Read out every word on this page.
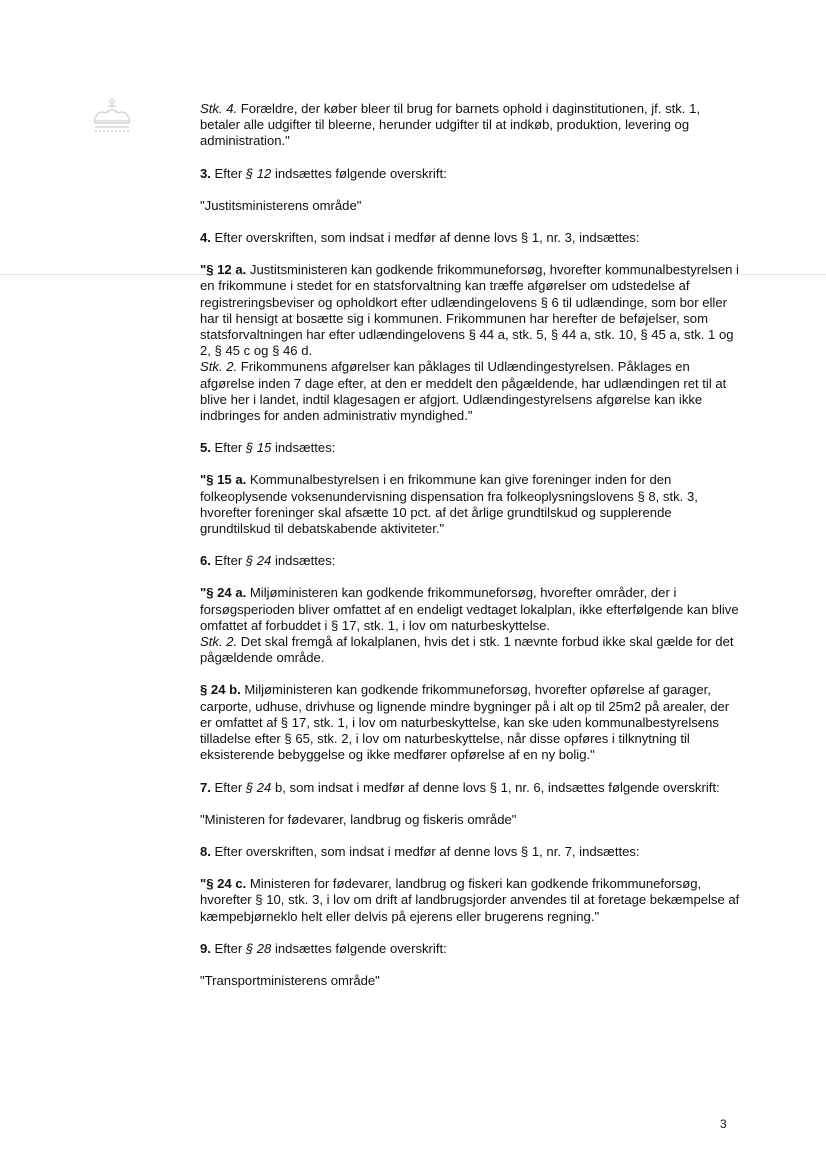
Stk. 4. Forældre, der køber bleer til brug for barnets ophold i daginstitutionen, jf. stk. 1, betaler alle udgifter til bleerne, herunder udgifter til at indkøb, produktion, levering og administration."

3. Efter § 12 indsættes følgende overskrift:

"Justitsministerens område"

4. Efter overskriften, som indsat i medfør af denne lovs § 1, nr. 3, indsættes:

"§ 12 a. Justitsministeren kan godkende frikommuneforsøg, hvorefter kommunalbestyrelsen i en frikommune i stedet for en statsforvaltning kan træffe afgørelser om udstedelse af registreringsbeviser og opholdkort efter udlændingelovens § 6 til udlændinge, som bor eller har til hensigt at bosætte sig i kommunen. Frikommunen har herefter de beføjelser, som statsforvaltningen har efter udlændingelovens § 44 a, stk. 5, § 44 a, stk. 10, § 45 a, stk. 1 og 2, § 45 c og § 46 d.
Stk. 2. Frikommunens afgørelser kan påklages til Udlændingestyrelsen. Påklages en afgørelse inden 7 dage efter, at den er meddelt den pågældende, har udlændingen ret til at blive her i landet, indtil klagesagen er afgjort. Udlændingestyrelsens afgørelse kan ikke indbringes for anden administrativ myndighed."

5. Efter § 15 indsættes:

"§ 15 a. Kommunalbestyrelsen i en frikommune kan give foreninger inden for den folkeoplysende voksenundervisning dispensation fra folkeoplysningslovens § 8, stk. 3, hvorefter foreninger skal afsætte 10 pct. af det årlige grundtilskud og supplerende grundtilskud til debatskabende aktiviteter."

6. Efter § 24 indsættes:

"§ 24 a. Miljøministeren kan godkende frikommuneforsøg, hvorefter områder, der i forsøgsperioden bliver omfattet af en endeligt vedtaget lokalplan, ikke efterfølgende kan blive omfattet af forbuddet i § 17, stk. 1, i lov om naturbeskyttelse.
Stk. 2. Det skal fremgå af lokalplanen, hvis det i stk. 1 nævnte forbud ikke skal gælde for det pågældende område.

§ 24 b. Miljøministeren kan godkende frikommuneforsøg, hvorefter opførelse af garager, carporte, udhuse, drivhuse og lignende mindre bygninger på i alt op til 25m2 på arealer, der er omfattet af § 17, stk. 1, i lov om naturbeskyttelse, kan ske uden kommunalbestyrelsens tilladelse efter § 65, stk. 2, i lov om naturbeskyttelse, når disse opføres i tilknytning til eksisterende bebyggelse og ikke medfører opførelse af en ny bolig."

7. Efter § 24 b, som indsat i medfør af denne lovs § 1, nr. 6, indsættes følgende overskrift:

"Ministeren for fødevarer, landbrug og fiskeris område"

8. Efter overskriften, som indsat i medfør af denne lovs § 1, nr. 7, indsættes:

"§ 24 c. Ministeren for fødevarer, landbrug og fiskeri kan godkende frikommuneforsøg, hvorefter § 10, stk. 3, i lov om drift af landbrugsjorder anvendes til at foretage bekæmpelse af kæmpebjørneklo helt eller delvis på ejerens eller brugerens regning."

9. Efter § 28 indsættes følgende overskrift:

"Transportministerens område"

3
